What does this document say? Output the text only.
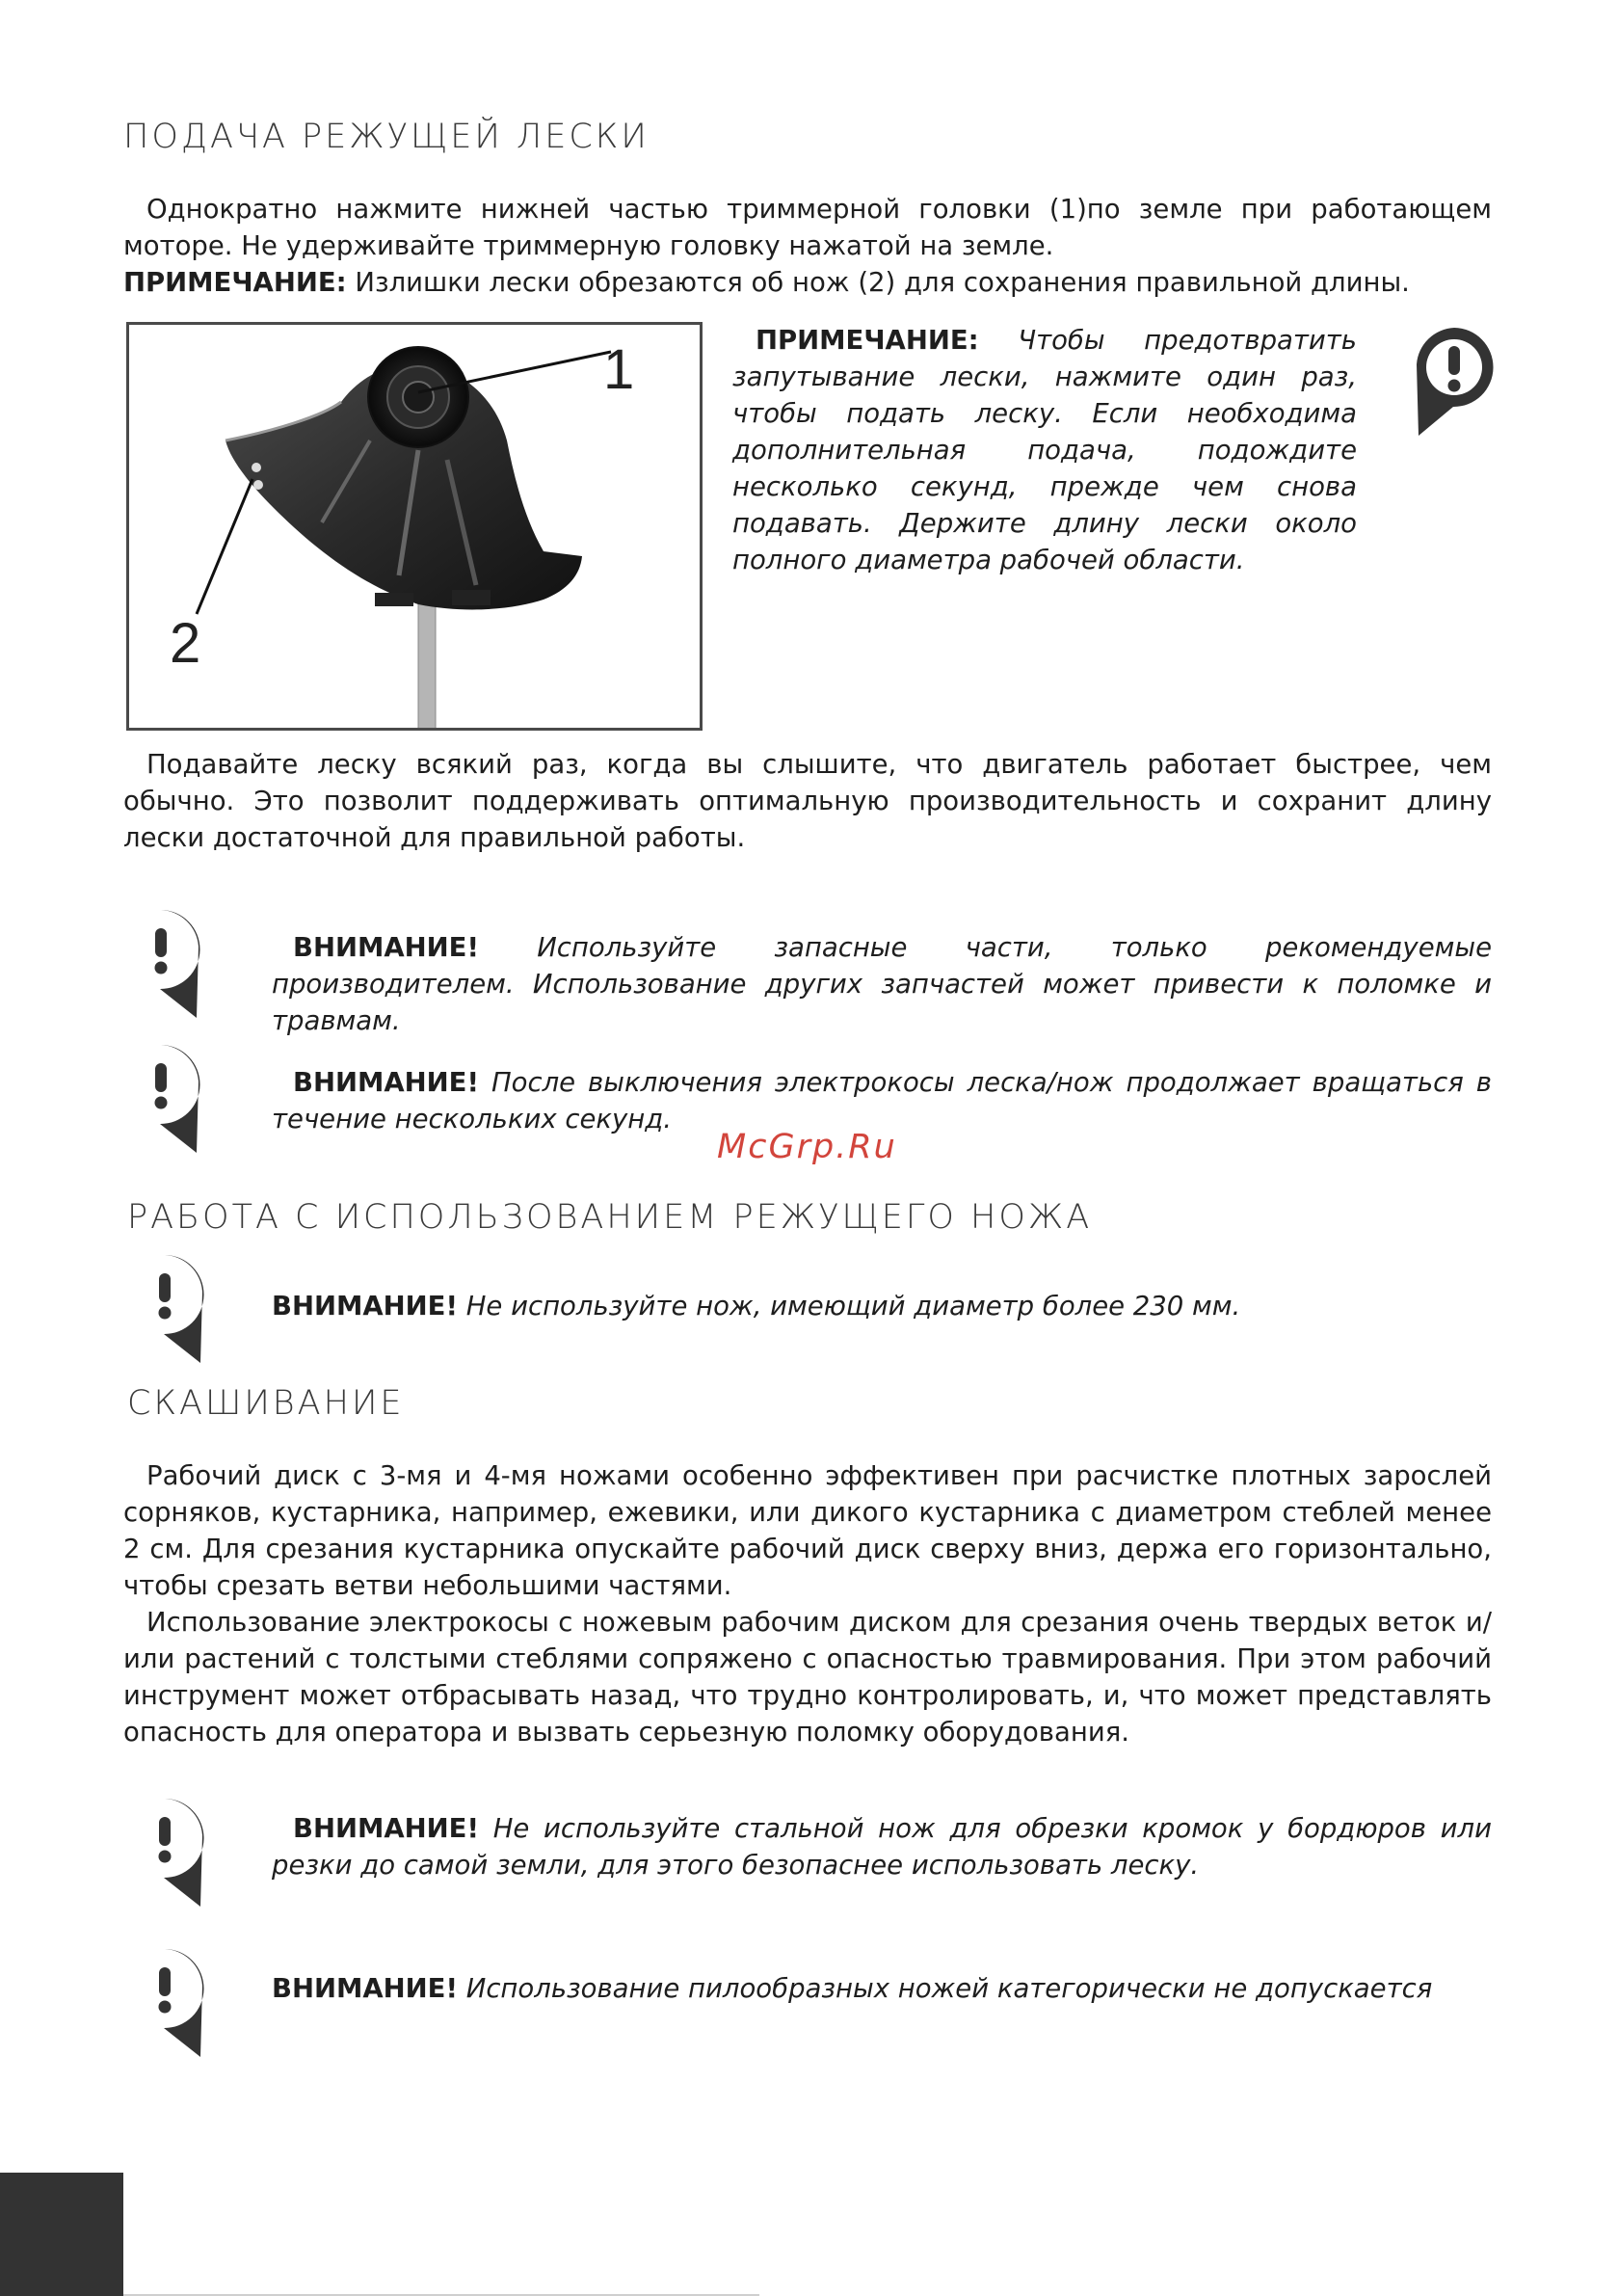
ПОДАЧА РЕЖУЩЕЙ ЛЕСКИ

Однократно нажмите нижней частью триммерной головки (1)по земле при работающем моторе. Не удерживайте триммерную головку нажатой на земле.

ПРИМЕЧАНИЕ: Излишки лески обрезаются об нож (2) для сохранения правильной длины.

1
2

ПРИМЕЧАНИЕ: Чтобы предотвратить запутывание лески, нажмите один раз, чтобы подать леску. Если необходима дополнительная подача, подождите несколько секунд, прежде чем снова подавать. Держите длину лески около полного диаметра рабочей области.

Подавайте леску всякий раз, когда вы слышите, что двигатель работает быстрее, чем обычно. Это позволит поддерживать оптимальную производительность и сохранит длину лески достаточной для правильной работы.

ВНИМАНИЕ! Используйте запасные части, только рекомендуемые производителем. Использование других запчастей может привести к поломке и травмам.
ВНИМАНИЕ! После выключения электрокосы леска/нож продолжает вращаться в течение нескольких секунд.
McGrp.Ru
РАБОТА С ИСПОЛЬЗОВАНИЕМ РЕЖУЩЕГО НОЖА
ВНИМАНИЕ! Не используйте нож, имеющий диаметр более 230 мм.
СКАШИВАНИЕ

Рабочий диск с 3-мя и 4-мя ножами особенно эффективен при расчистке плотных зарослей сорняков, кустарника, например, ежевики, или дикого кустарника с диаметром стеблей менее 2 см. Для срезания кустарника опускайте рабочий диск сверху вниз, держа его горизонтально, чтобы срезать ветви небольшими частями.

Использование электрокосы с ножевым рабочим диском для срезания очень твердых веток и/или растений с толстыми стеблями сопряжено с опасностью травмирования. При этом рабочий инструмент может отбрасывать назад, что трудно контролировать, и, что может представлять опасность для оператора и вызвать серьезную поломку оборудования.

ВНИМАНИЕ! Не используйте стальной нож для обрезки кромок у бордюров или резки до самой земли, для этого безопаснее использовать леску.
ВНИМАНИЕ! Использование пилообразных ножей категорически не допускается
